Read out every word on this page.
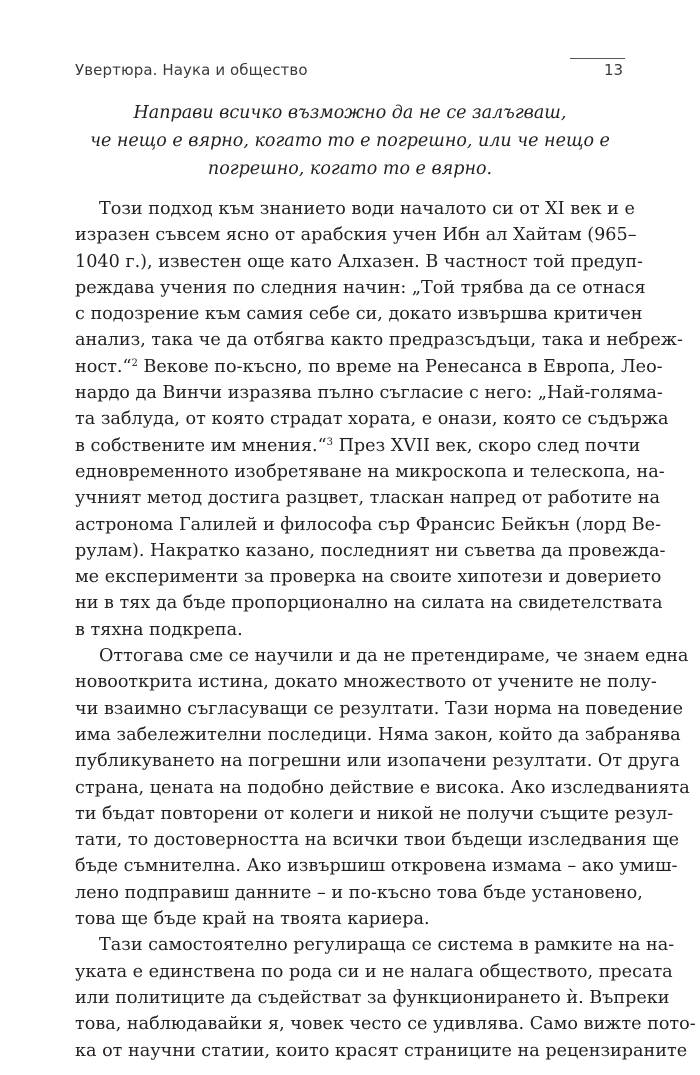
Увертюра. Наука и общество	13
Направи всичко възможно да не се залъгваш,
че нещо е вярно, когато то е погрешно, или че нещо е
погрешно, когато то е вярно.
Този подход към знанието води началото си от XI век и е
изразен съвсем ясно от арабския учен Ибн ал Хайтам (965–
1040 г.), известен още като Алхазен. В частност той предуп-
реждава учения по следния начин: „Той трябва да се отнася
с подозрение към самия себе си, докато извършва критичен
анализ, така че да отбягва както предразсъдъци, така и небреж-
ност.“$^2$ Векове по-късно, по време на Ренесанса в Европа, Лео-
нардо да Винчи изразява пълно съгласие с него: „Най-голяма-
та заблуда, от която страдат хората, е онази, която се съдържа
в собствените им мнения.“$^3$ През XVII век, скоро след почти
едновременното изобретяване на микроскопа и телескопа, на-
учният метод достига разцвет, тласкан напред от работите на
астронома Галилей и философа сър Франсис Бейкън (лорд Ве-
рулам). Накратко казано, последният ни съветва да провежда-
ме експерименти за проверка на своите хипотези и доверието
ни в тях да бъде пропорционално на силата на свидетелствата
в тяхна подкрепа.
Оттогава сме се научили и да не претендираме, че знаем една
новооткрита истина, докато множеството от учените не полу-
чи взаимно съгласуващи се резултати. Тази норма на поведение
има забележителни последици. Няма закон, който да забранява
публикуването на погрешни или изопачени резултати. От друга
страна, цената на подобно действие е висока. Ако изследванията
ти бъдат повторени от колеги и никой не получи същите резул-
тати, то достоверността на всички твои бъдещи изследвания ще
бъде съмнителна. Ако извършиш откровена измама – ако умиш-
лено подправиш данните – и по-късно това бъде установено,
това ще бъде край на твоята кариера.
Тази самостоятелно регулираща се система в рамките на на-
уката е единствена по рода си и не налага обществото, пресата
или политиците да съдействат за функционирането ѝ. Въпреки
това, наблюдавайки я, човек често се удивлява. Само вижте пото-
ка от научни статии, които красят страниците на рецензираните
